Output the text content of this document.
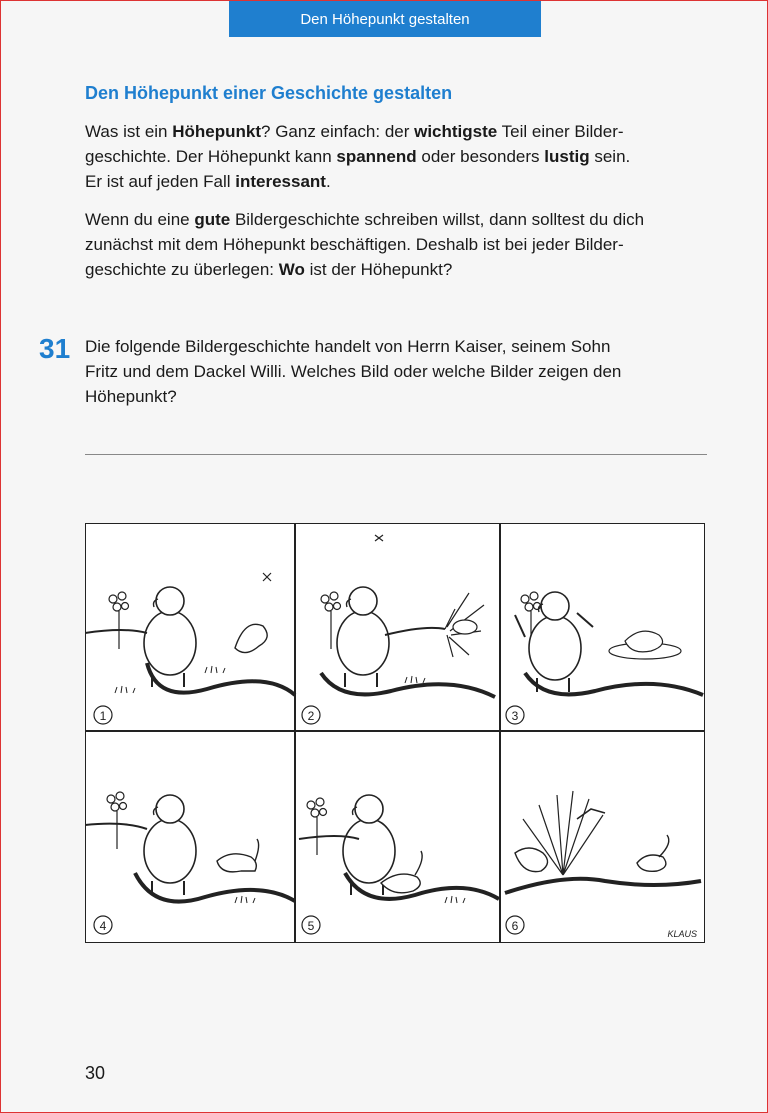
Den Höhepunkt gestalten
Den Höhepunkt einer Geschichte gestalten

Was ist ein Höhepunkt? Ganz einfach: der wichtigste Teil einer Bilder-
geschichte. Der Höhepunkt kann spannend oder besonders lustig sein.
Er ist auf jeden Fall interessant.

Wenn du eine gute Bildergeschichte schreiben willst, dann solltest du dich
zunächst mit dem Höhepunkt beschäftigen. Deshalb ist bei jeder Bilder-
geschichte zu überlegen: Wo ist der Höhepunkt?

31 Die folgende Bildergeschichte handelt von Herrn Kaiser, seinem Sohn
Fritz und dem Dackel Willi. Welches Bild oder welche Bilder zeigen den
Höhepunkt?

1	2	3
4	5	6
KLAUS
30
